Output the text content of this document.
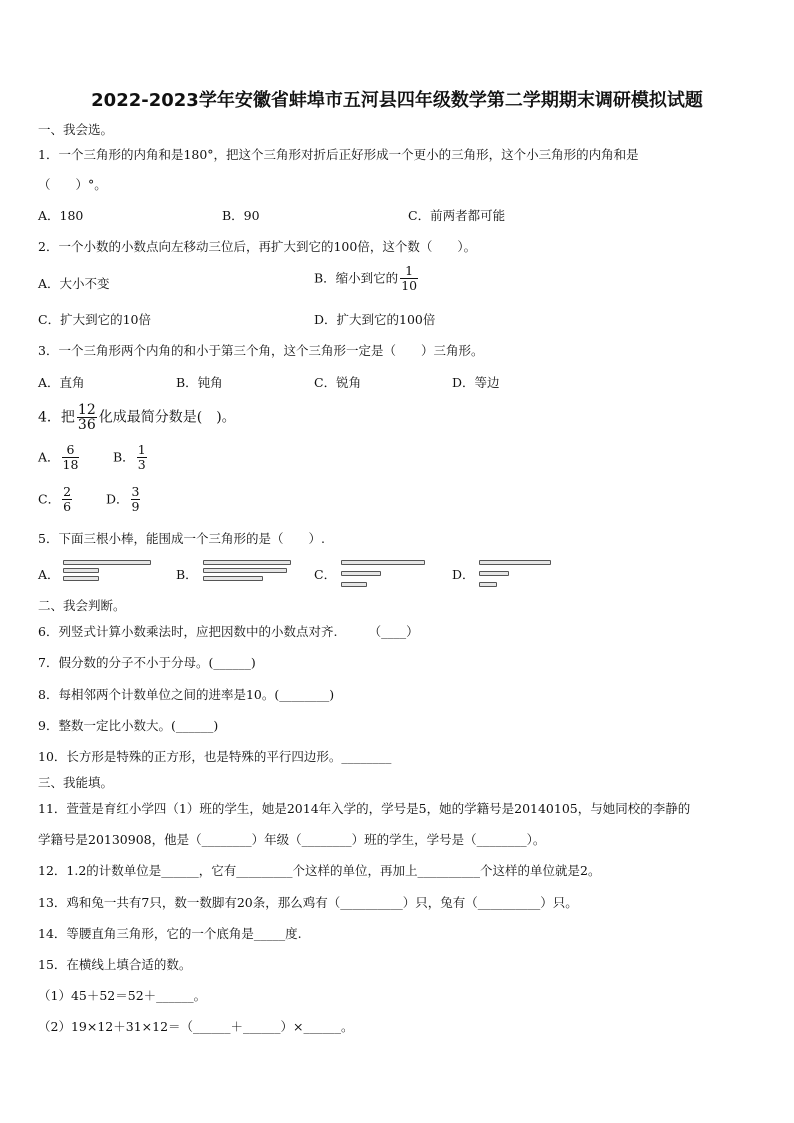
2022-2023学年安徽省蚌埠市五河县四年级数学第二学期期末调研模拟试题
一、我会选。
1．一个三角形的内角和是180°，把这个三角形对折后正好形成一个更小的三角形，这个小三角形的内角和是
（　　）°。
A．180	B．90	C．前两者都可能
2．一个小数的小数点向左移动三位后，再扩大到它的100倍，这个数（　　）。
A．大小不变	B．缩小到它的 $\frac{1}{10}$
C．扩大到它的10倍	D．扩大到它的100倍
3．一个三角形两个内角的和小于第三个角，这个三角形一定是（　　）三角形。
A．直角	B．钝角	C．锐角	D．等边
4．把 $\frac{12}{36}$ 化成最简分数是(　)。
A． $\frac{6}{18}$	B． $\frac{1}{3}$
C． $\frac{2}{6}$	D． $\frac{3}{9}$
5．下面三根小棒，能围成一个三角形的是（　　）.
A．	B．	C．	D．
二、我会判断。
6．列竖式计算小数乘法时，应把因数中的小数点对齐.　　　（____）
7．假分数的分子不小于分母。(______)
8．每相邻两个计数单位之间的进率是10。(________)
9．整数一定比小数大。(______)
10．长方形是特殊的正方形，也是特殊的平行四边形。________
三、我能填。
11．萱萱是育红小学四（1）班的学生，她是2014年入学的，学号是5，她的学籍号是20140105，与她同校的李静的
学籍号是20130908，他是（________）年级（________）班的学生，学号是（________）。
12．1.2的计数单位是______，它有_________个这样的单位，再加上__________个这样的单位就是2。
13．鸡和兔一共有7只，数一数脚有20条，那么鸡有（__________）只，兔有（__________）只。
14．等腰直角三角形，它的一个底角是_____度.
15．在横线上填合适的数。
（1）45＋52＝52＋______。
（2）19×12＋31×12＝（______＋______）×______。
